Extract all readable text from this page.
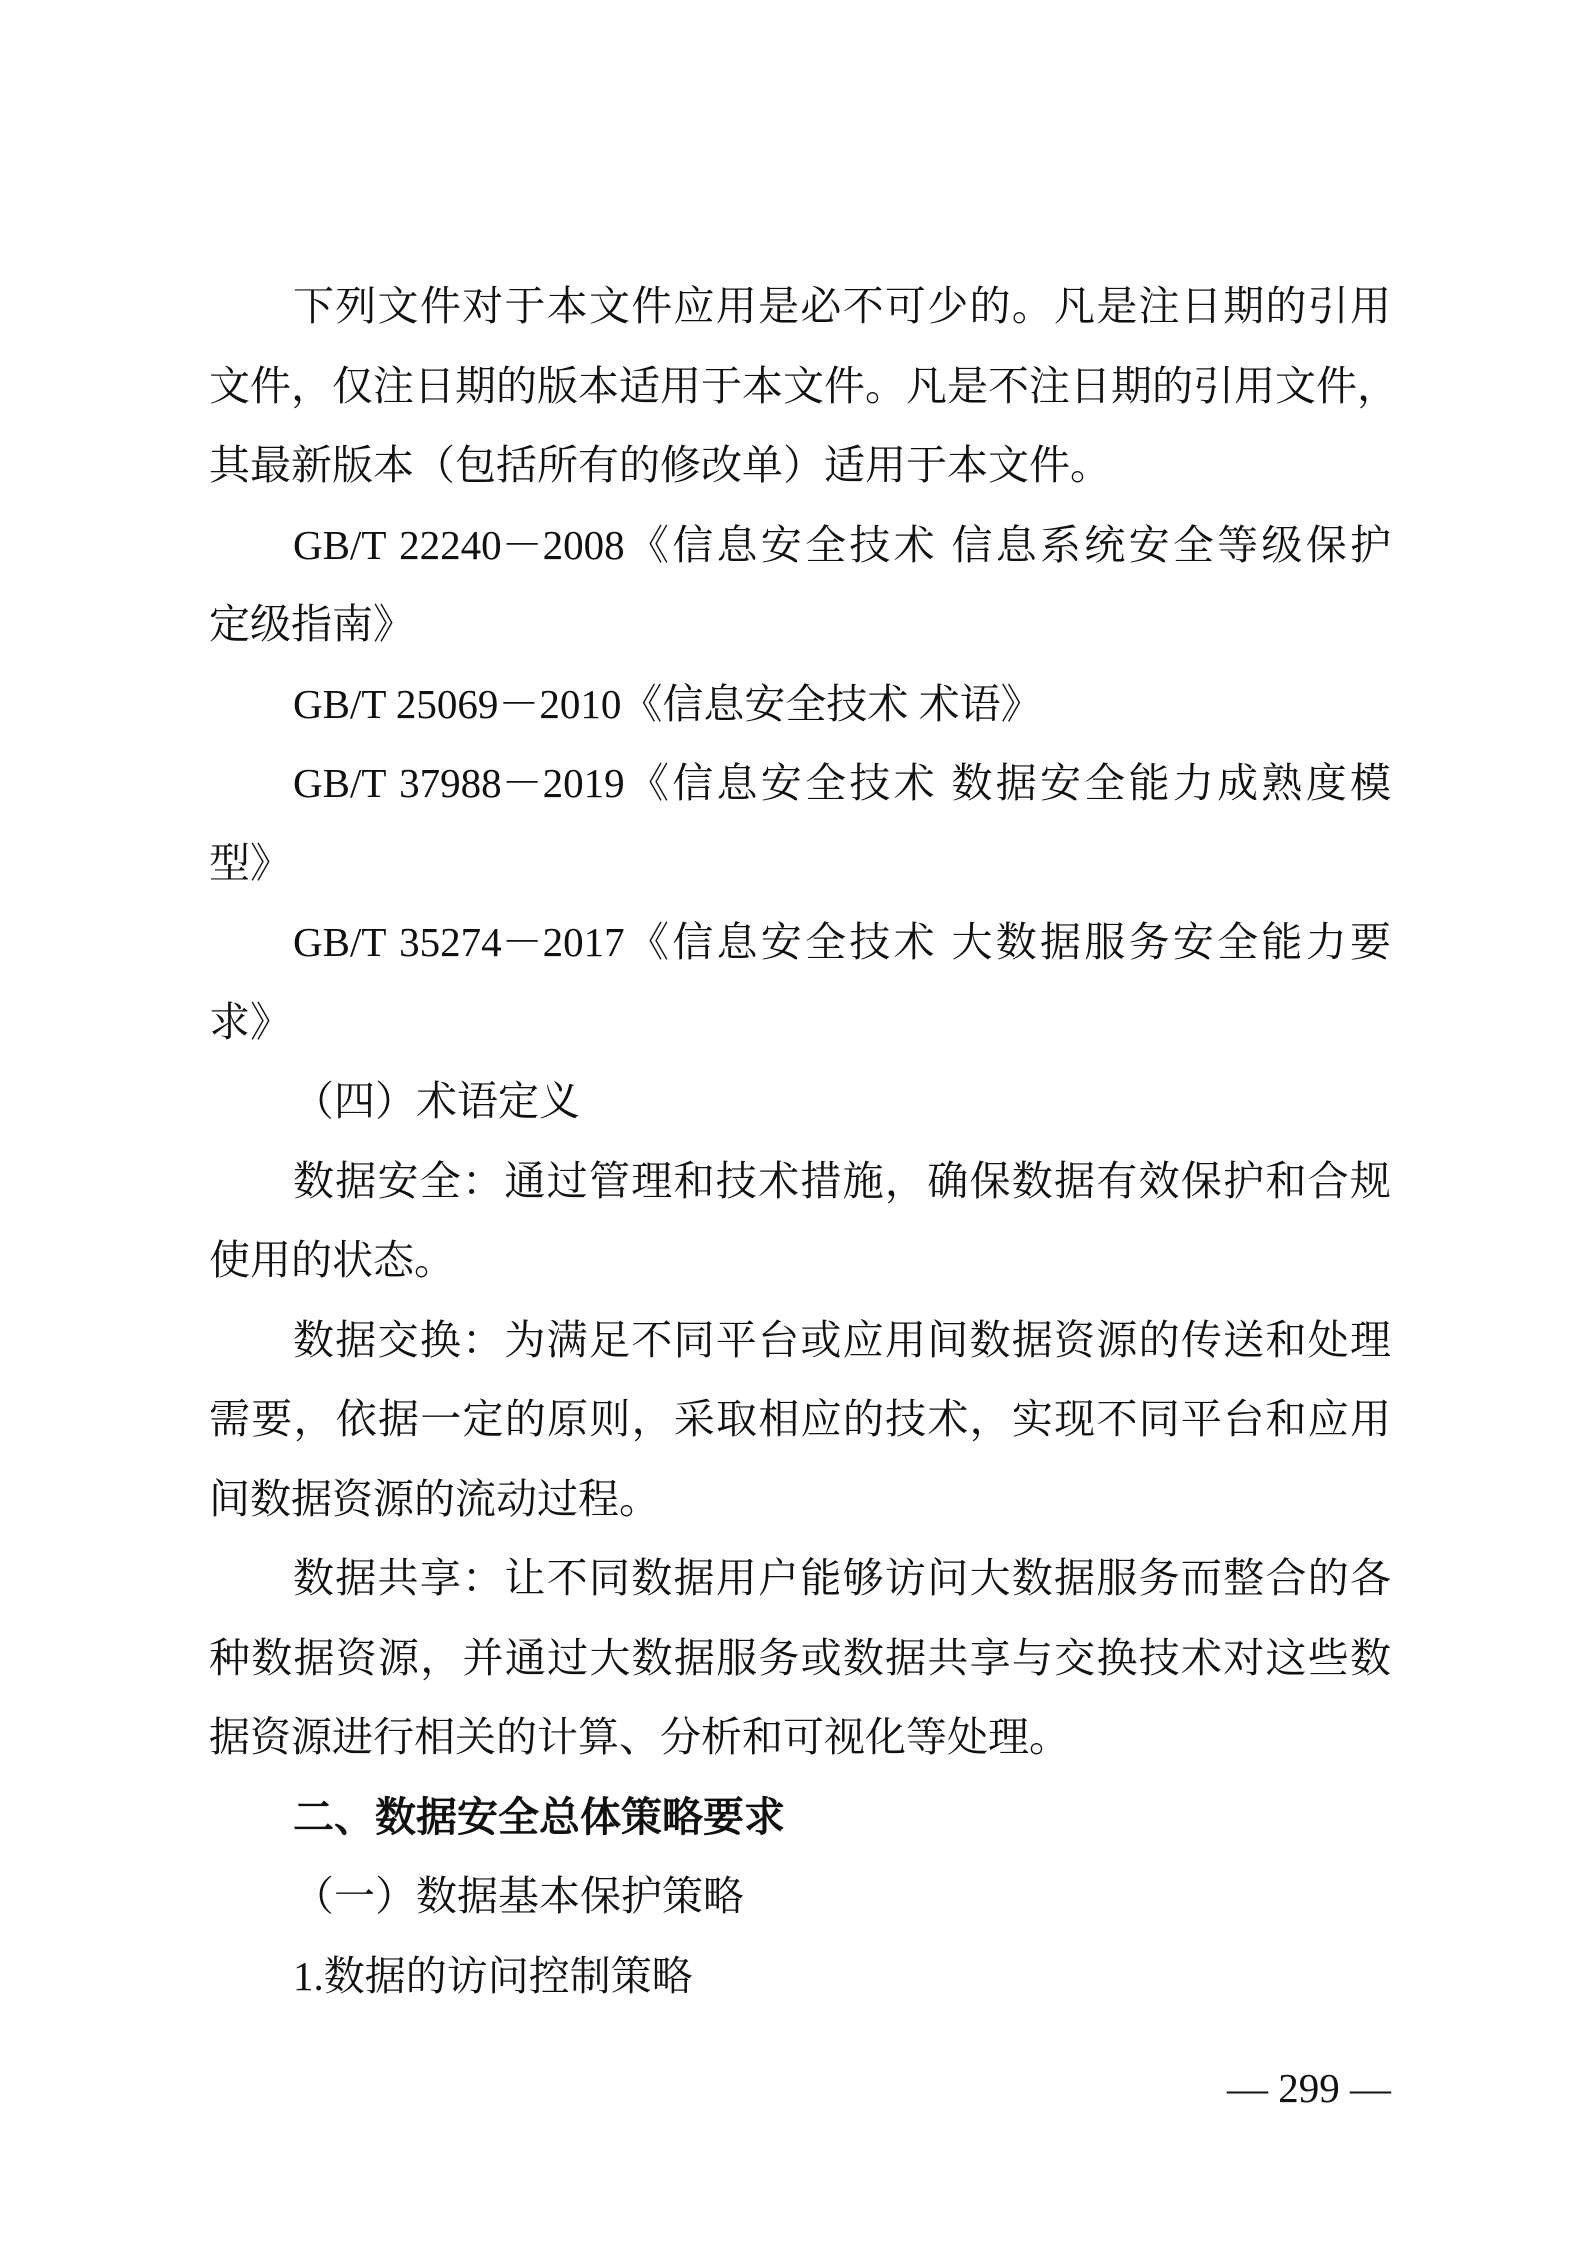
下列文件对于本文件应用是必不可少的。凡是注日期的引用
文件，仅注日期的版本适用于本文件。凡是不注日期的引用文件，
其最新版本（包括所有的修改单）适用于本文件。
GB/T 22240－2008《信息安全技术 信息系统安全等级保护
定级指南》
GB/T 25069－2010《信息安全技术 术语》
GB/T 37988－2019《信息安全技术 数据安全能力成熟度模
型》
GB/T 35274－2017《信息安全技术 大数据服务安全能力要
求》
（四）术语定义
数据安全：通过管理和技术措施，确保数据有效保护和合规
使用的状态。
数据交换：为满足不同平台或应用间数据资源的传送和处理
需要，依据一定的原则，采取相应的技术，实现不同平台和应用
间数据资源的流动过程。
数据共享：让不同数据用户能够访问大数据服务而整合的各
种数据资源，并通过大数据服务或数据共享与交换技术对这些数
据资源进行相关的计算、分析和可视化等处理。
二、数据安全总体策略要求
（一）数据基本保护策略
1.数据的访问控制策略
— 299 —
